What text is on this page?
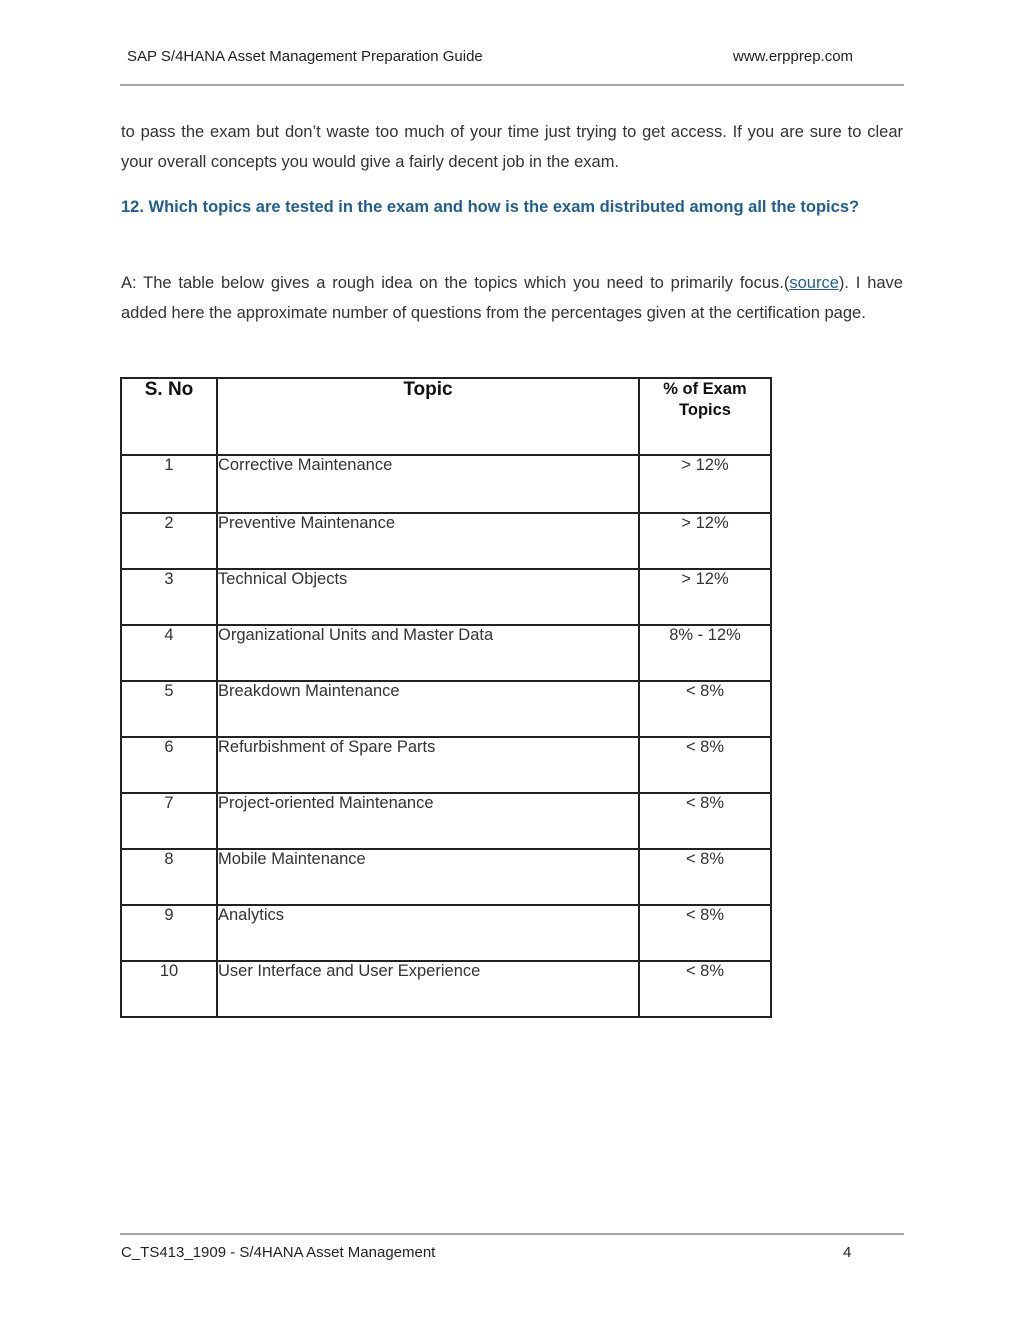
SAP S/4HANA Asset Management Preparation Guide	www.erpprep.com

to pass the exam but don’t waste too much of your time just trying to get access. If you are sure to clear your overall concepts you would give a fairly decent job in the exam.

12. Which topics are tested in the exam and how is the exam distributed among all the topics?

A: The table below gives a rough idea on the topics which you need to primarily focus.(source). I have added here the approximate number of questions from the percentages given at the certification page.

S. No	Topic	% of Exam Topics
1	Corrective Maintenance	> 12%
2	Preventive Maintenance	> 12%
3	Technical Objects	> 12%
4	Organizational Units and Master Data	8% - 12%
5	Breakdown Maintenance	< 8%
6	Refurbishment of Spare Parts	< 8%
7	Project-oriented Maintenance	< 8%
8	Mobile Maintenance	< 8%
9	Analytics	< 8%
10	User Interface and User Experience	< 8%
C_TS413_1909 - S/4HANA Asset Management	4
